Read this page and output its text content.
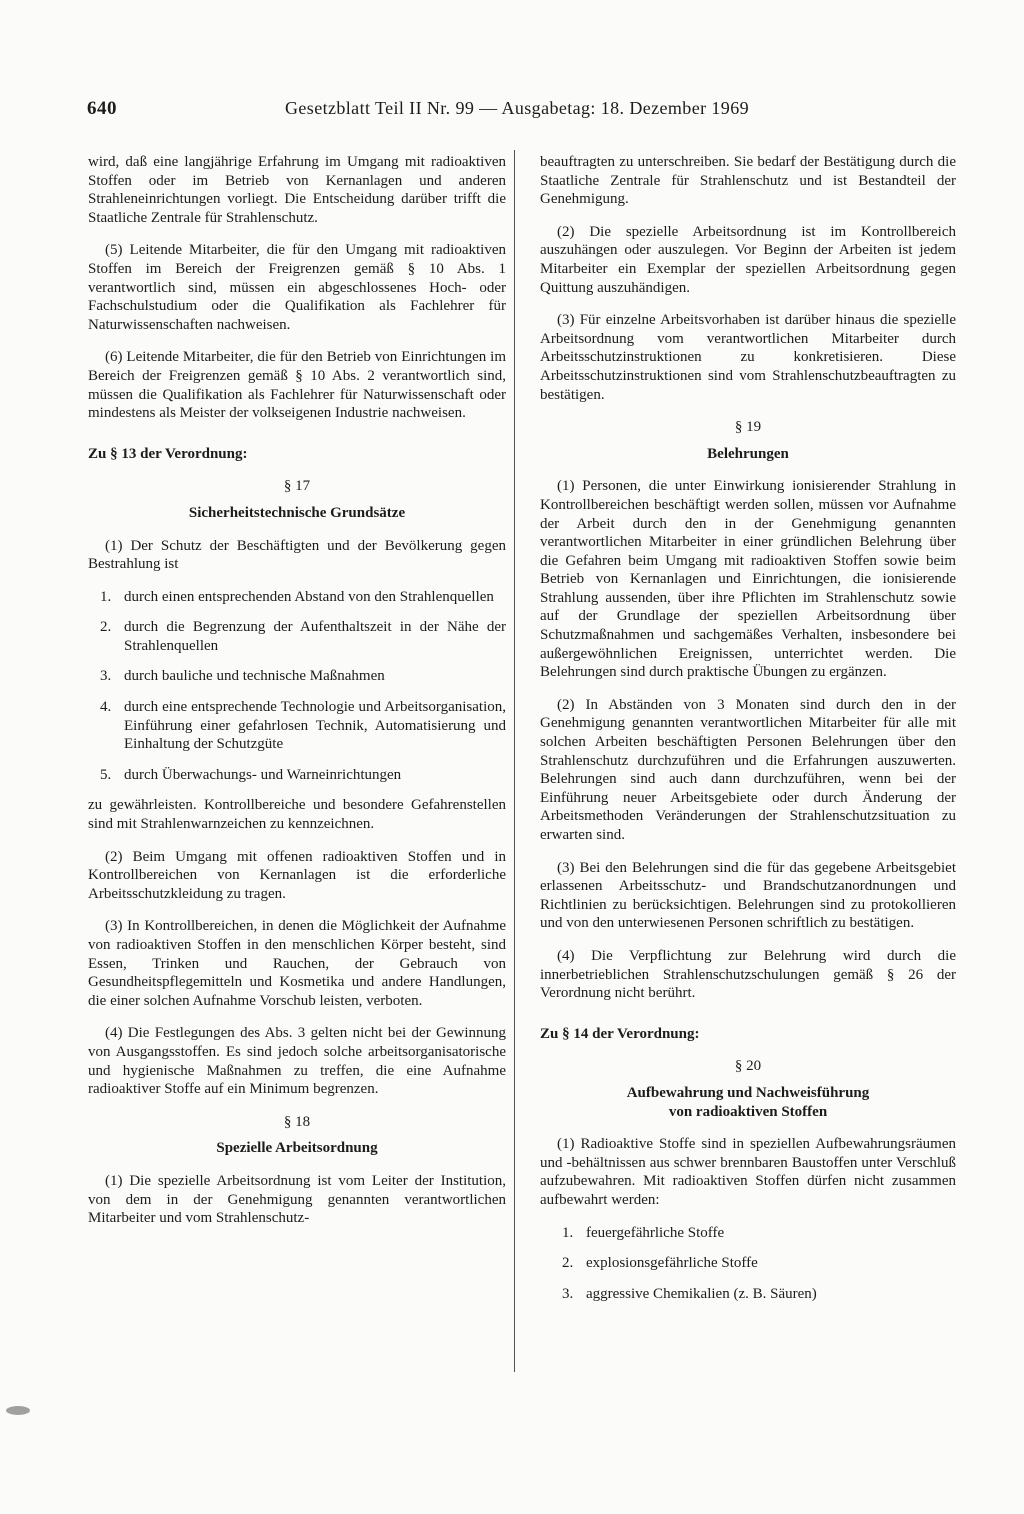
640	Gesetzblatt Teil II Nr. 99 — Ausgabetag: 18. Dezember 1969

wird, daß eine langjährige Erfahrung im Umgang mit radioaktiven Stoffen oder im Betrieb von Kernanlagen und anderen Strahleneinrichtungen vorliegt. Die Entscheidung darüber trifft die Staatliche Zentrale für Strahlenschutz.

(5) Leitende Mitarbeiter, die für den Umgang mit radioaktiven Stoffen im Bereich der Freigrenzen gemäß § 10 Abs. 1 verantwortlich sind, müssen ein abgeschlossenes Hoch- oder Fachschulstudium oder die Qualifikation als Fachlehrer für Naturwissenschaften nachweisen.

(6) Leitende Mitarbeiter, die für den Betrieb von Einrichtungen im Bereich der Freigrenzen gemäß § 10 Abs. 2 verantwortlich sind, müssen die Qualifikation als Fachlehrer für Naturwissenschaft oder mindestens als Meister der volkseigenen Industrie nachweisen.

Zu § 13 der Verordnung:
§ 17
Sicherheitstechnische Grundsätze

(1) Der Schutz der Beschäftigten und der Bevölkerung gegen Bestrahlung ist

1. durch einen entsprechenden Abstand von den Strahlenquellen
2. durch die Begrenzung der Aufenthaltszeit in der Nähe der Strahlenquellen
3. durch bauliche und technische Maßnahmen
4. durch eine entsprechende Technologie und Arbeitsorganisation, Einführung einer gefahrlosen Technik, Automatisierung und Einhaltung der Schutzgüte
5. durch Überwachungs- und Warneinrichtungen

zu gewährleisten. Kontrollbereiche und besondere Gefahrenstellen sind mit Strahlenwarnzeichen zu kennzeichnen.

(2) Beim Umgang mit offenen radioaktiven Stoffen und in Kontrollbereichen von Kernanlagen ist die erforderliche Arbeitsschutzkleidung zu tragen.

(3) In Kontrollbereichen, in denen die Möglichkeit der Aufnahme von radioaktiven Stoffen in den menschlichen Körper besteht, sind Essen, Trinken und Rauchen, der Gebrauch von Gesundheitspflegemitteln und Kosmetika und andere Handlungen, die einer solchen Aufnahme Vorschub leisten, verboten.

(4) Die Festlegungen des Abs. 3 gelten nicht bei der Gewinnung von Ausgangsstoffen. Es sind jedoch solche arbeitsorganisatorische und hygienische Maßnahmen zu treffen, die eine Aufnahme radioaktiver Stoffe auf ein Minimum begrenzen.

§ 18
Spezielle Arbeitsordnung

(1) Die spezielle Arbeitsordnung ist vom Leiter der Institution, von dem in der Genehmigung genannten verantwortlichen Mitarbeiter und vom Strahlenschutz-

beauftragten zu unterschreiben. Sie bedarf der Bestätigung durch die Staatliche Zentrale für Strahlenschutz und ist Bestandteil der Genehmigung.

(2) Die spezielle Arbeitsordnung ist im Kontrollbereich auszuhängen oder auszulegen. Vor Beginn der Arbeiten ist jedem Mitarbeiter ein Exemplar der speziellen Arbeitsordnung gegen Quittung auszuhändigen.

(3) Für einzelne Arbeitsvorhaben ist darüber hinaus die spezielle Arbeitsordnung vom verantwortlichen Mitarbeiter durch Arbeitsschutzinstruktionen zu konkretisieren. Diese Arbeitsschutzinstruktionen sind vom Strahlenschutzbeauftragten zu bestätigen.

§ 19
Belehrungen

(1) Personen, die unter Einwirkung ionisierender Strahlung in Kontrollbereichen beschäftigt werden sollen, müssen vor Aufnahme der Arbeit durch den in der Genehmigung genannten verantwortlichen Mitarbeiter in einer gründlichen Belehrung über die Gefahren beim Umgang mit radioaktiven Stoffen sowie beim Betrieb von Kernanlagen und Einrichtungen, die ionisierende Strahlung aussenden, über ihre Pflichten im Strahlenschutz sowie auf der Grundlage der speziellen Arbeitsordnung über Schutzmaßnahmen und sachgemäßes Verhalten, insbesondere bei außergewöhnlichen Ereignissen, unterrichtet werden. Die Belehrungen sind durch praktische Übungen zu ergänzen.

(2) In Abständen von 3 Monaten sind durch den in der Genehmigung genannten verantwortlichen Mitarbeiter für alle mit solchen Arbeiten beschäftigten Personen Belehrungen über den Strahlenschutz durchzuführen und die Erfahrungen auszuwerten. Belehrungen sind auch dann durchzuführen, wenn bei der Einführung neuer Arbeitsgebiete oder durch Änderung der Arbeitsmethoden Veränderungen der Strahlenschutzsituation zu erwarten sind.

(3) Bei den Belehrungen sind die für das gegebene Arbeitsgebiet erlassenen Arbeitsschutz- und Brandschutzanordnungen und Richtlinien zu berücksichtigen. Belehrungen sind zu protokollieren und von den unterwiesenen Personen schriftlich zu bestätigen.

(4) Die Verpflichtung zur Belehrung wird durch die innerbetrieblichen Strahlenschutzschulungen gemäß § 26 der Verordnung nicht berührt.

Zu § 14 der Verordnung:
§ 20
Aufbewahrung und Nachweisführung
von radioaktiven Stoffen

(1) Radioaktive Stoffe sind in speziellen Aufbewahrungsräumen und -behältnissen aus schwer brennbaren Baustoffen unter Verschluß aufzubewahren. Mit radioaktiven Stoffen dürfen nicht zusammen aufbewahrt werden:

1. feuergefährliche Stoffe
2. explosionsgefährliche Stoffe
3. aggressive Chemikalien (z. B. Säuren)
